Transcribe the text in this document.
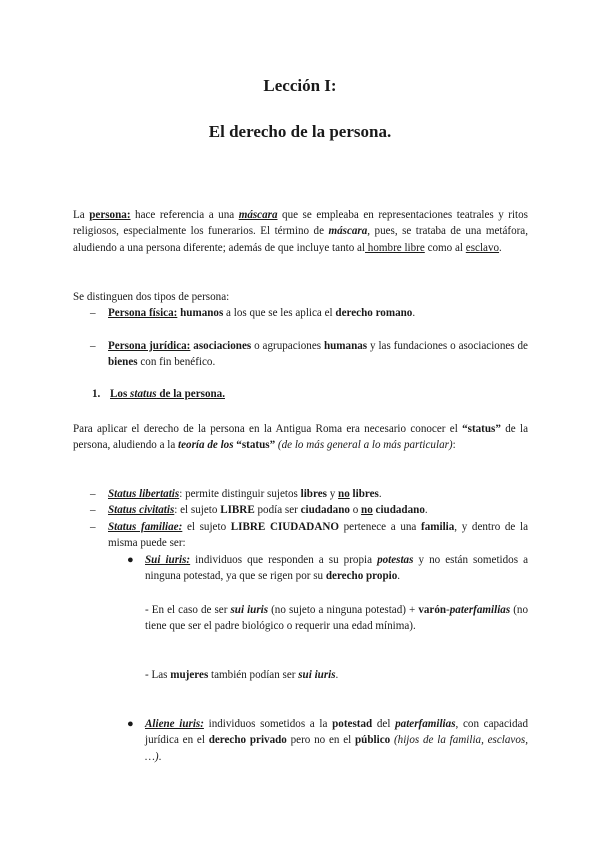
Lección I:
El derecho de la persona.

La persona: hace referencia a una máscara que se empleaba en representaciones teatrales y ritos religiosos, especialmente los funerarios. El término de máscara, pues, se trataba de una metáfora, aludiendo a una persona diferente; además de que incluye tanto al hombre libre como al esclavo.

Se distinguen dos tipos de persona:

– Persona física: humanos a los que se les aplica el derecho romano.
– Persona jurídica: asociaciones o agrupaciones humanas y las fundaciones o asociaciones de bienes con fin benéfico.
1. Los status de la persona.

Para aplicar el derecho de la persona en la Antigua Roma era necesario conocer el “status” de la persona, aludiendo a la teoría de los “status” (de lo más general a lo más particular):

– Status libertatis: permite distinguir sujetos libres y no libres.
– Status civitatis: el sujeto LIBRE podía ser ciudadano o no ciudadano.
– Status familiae: el sujeto LIBRE CIUDADANO pertenece a una familia, y dentro de la misma puede ser:
● Sui iuris: individuos que responden a su propia potestas y no están sometidos a ninguna potestad, ya que se rigen por su derecho propio.

- En el caso de ser sui iuris (no sujeto a ninguna potestad) + varón-paterfamilias (no tiene que ser el padre biológico o requerir una edad mínima).

- Las mujeres también podían ser sui iuris.

● Aliene iuris: individuos sometidos a la potestad del paterfamilias, con capacidad jurídica en el derecho privado pero no en el público (hijos de la familia, esclavos, …).
